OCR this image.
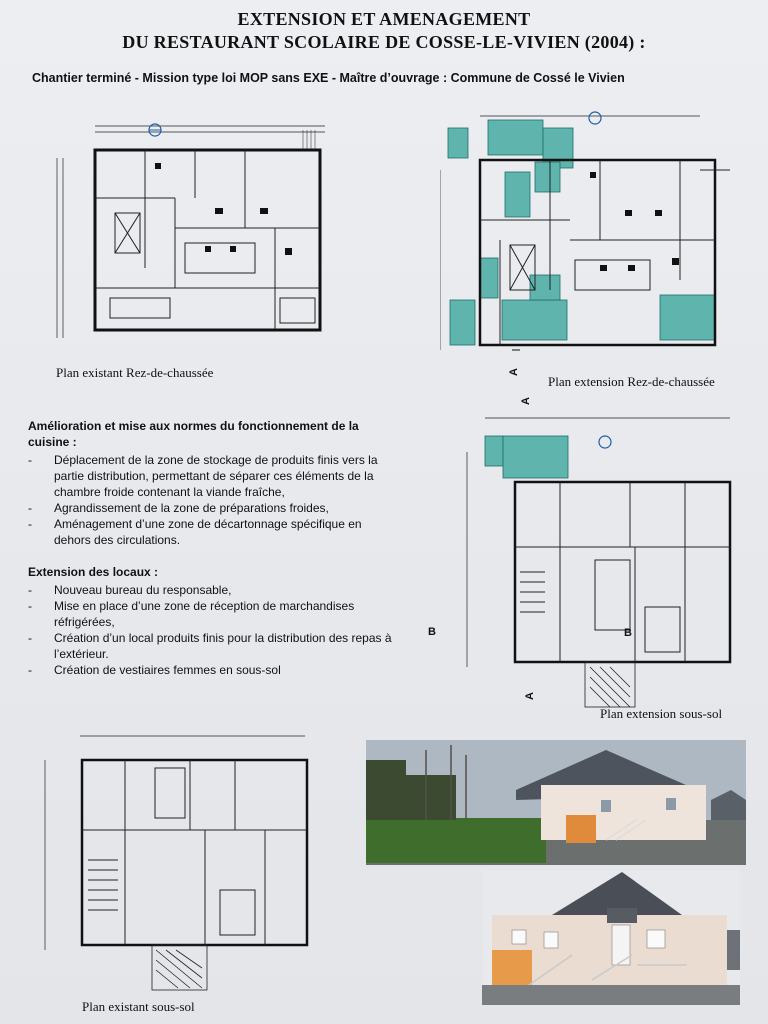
EXTENSION ET AMENAGEMENT
DU RESTAURANT SCOLAIRE DE COSSE-LE-VIVIEN (2004) :
Chantier terminé - Mission type loi MOP sans EXE - Maître d’ouvrage : Commune de Cossé le Vivien
Plan existant Rez-de-chaussée	A
Plan extension Rez-de-chaussée
Amélioration et mise aux normes du fonctionnement de la cuisine :
- Déplacement de la zone de stockage de produits finis vers la partie distribution, permettant de séparer ces éléments de la chambre froide contenant la viande fraîche,
- Agrandissement de la zone de préparations froides,
- Aménagement d’une zone de décartonnage spécifique en dehors des circulations.
Extension des locaux :
- Nouveau bureau du responsable,
- Mise en place d’une zone de réception de marchandises réfrigérées,
- Création d’un local produits finis pour la distribution des repas à l’extérieur.
- Création de vestiaires femmes en sous-sol
A
B	B
A
Plan extension sous-sol
Plan existant sous-sol
